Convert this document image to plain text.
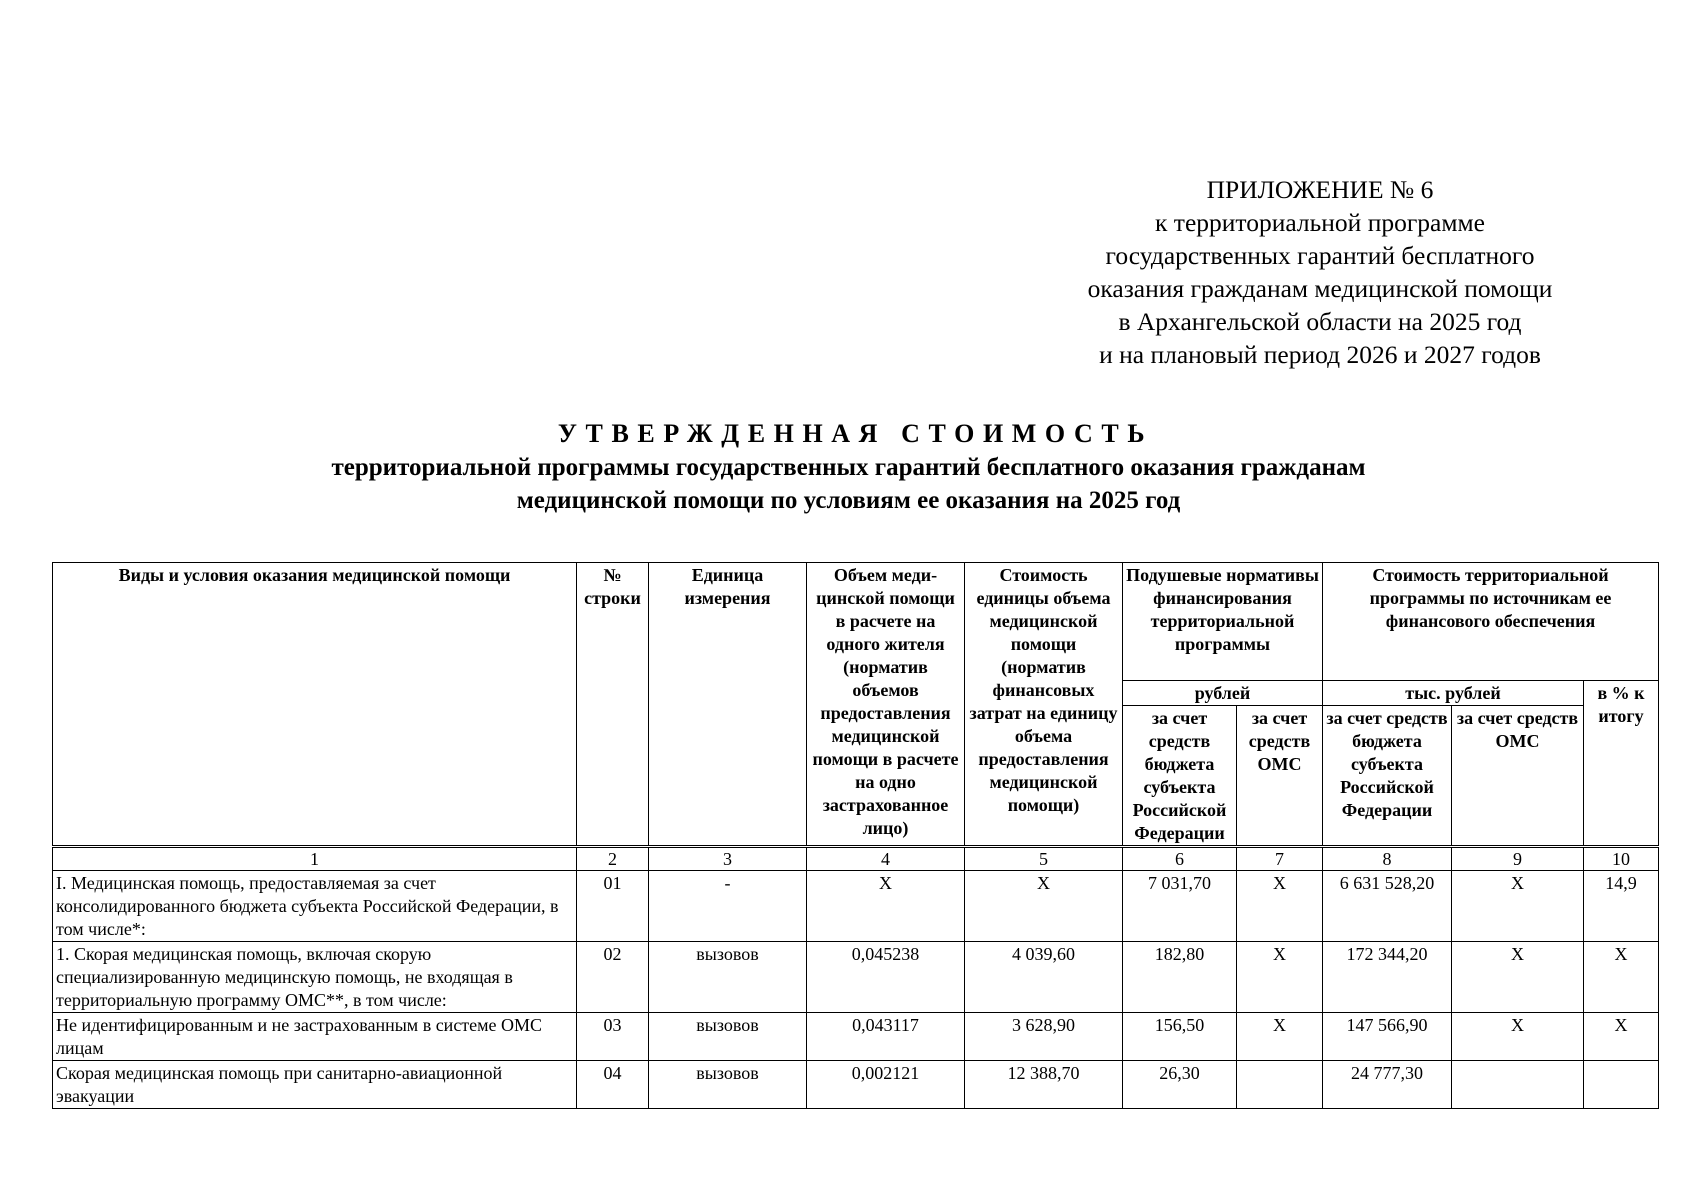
ПРИЛОЖЕНИЕ № 6
к территориальной программе
государственных гарантий бесплатного
оказания гражданам медицинской помощи
в Архангельской области на 2025 год
и на плановый период 2026 и 2027 годов
УТВЕРЖДЕННАЯ СТОИМОСТЬ
территориальной программы государственных гарантий бесплатного оказания гражданам
медицинской помощи по условиям ее оказания на 2025 год
Виды и условия оказания медицинской помощи	№ строки	Единица измерения	Объем меди-цинской помощи в расчете на одного жителя (норматив объемов предоставления медицинской помощи в расчете на одно застрахованное лицо)	Стоимость единицы объема медицинской помощи (норматив финансовых затрат на единицу объема предоставления медицинской помощи)	Подушевые нормативы финансирования территориальной программы		Стоимость территориальной программы по источникам ее финансового обеспечения		
					рублей		тыс. рублей		в % к итогу
					за счет средств бюджета субъекта Российской Федерации	за счет средств ОМС	за счет средств бюджета субъекта Российской Федерации	за счет средств ОМС	
1	2	3	4	5	6	7	8	9	10
I. Медицинская помощь, предоставляемая за счет консолидированного бюджета субъекта Российской Федерации, в том числе*:	01	-	X	X	7 031,70	X	6 631 528,20	X	14,9
1. Скорая медицинская помощь, включая скорую специализированную медицинскую помощь, не входящая в территориальную программу ОМС**, в том числе:	02	вызовов	0,045238	4 039,60	182,80	X	172 344,20	X	X
Не идентифицированным и не застрахованным в системе ОМС лицам	03	вызовов	0,043117	3 628,90	156,50	X	147 566,90	X	X
Скорая медицинская помощь при санитарно-авиационной эвакуации	04	вызовов	0,002121	12 388,70	26,30		24 777,30		
